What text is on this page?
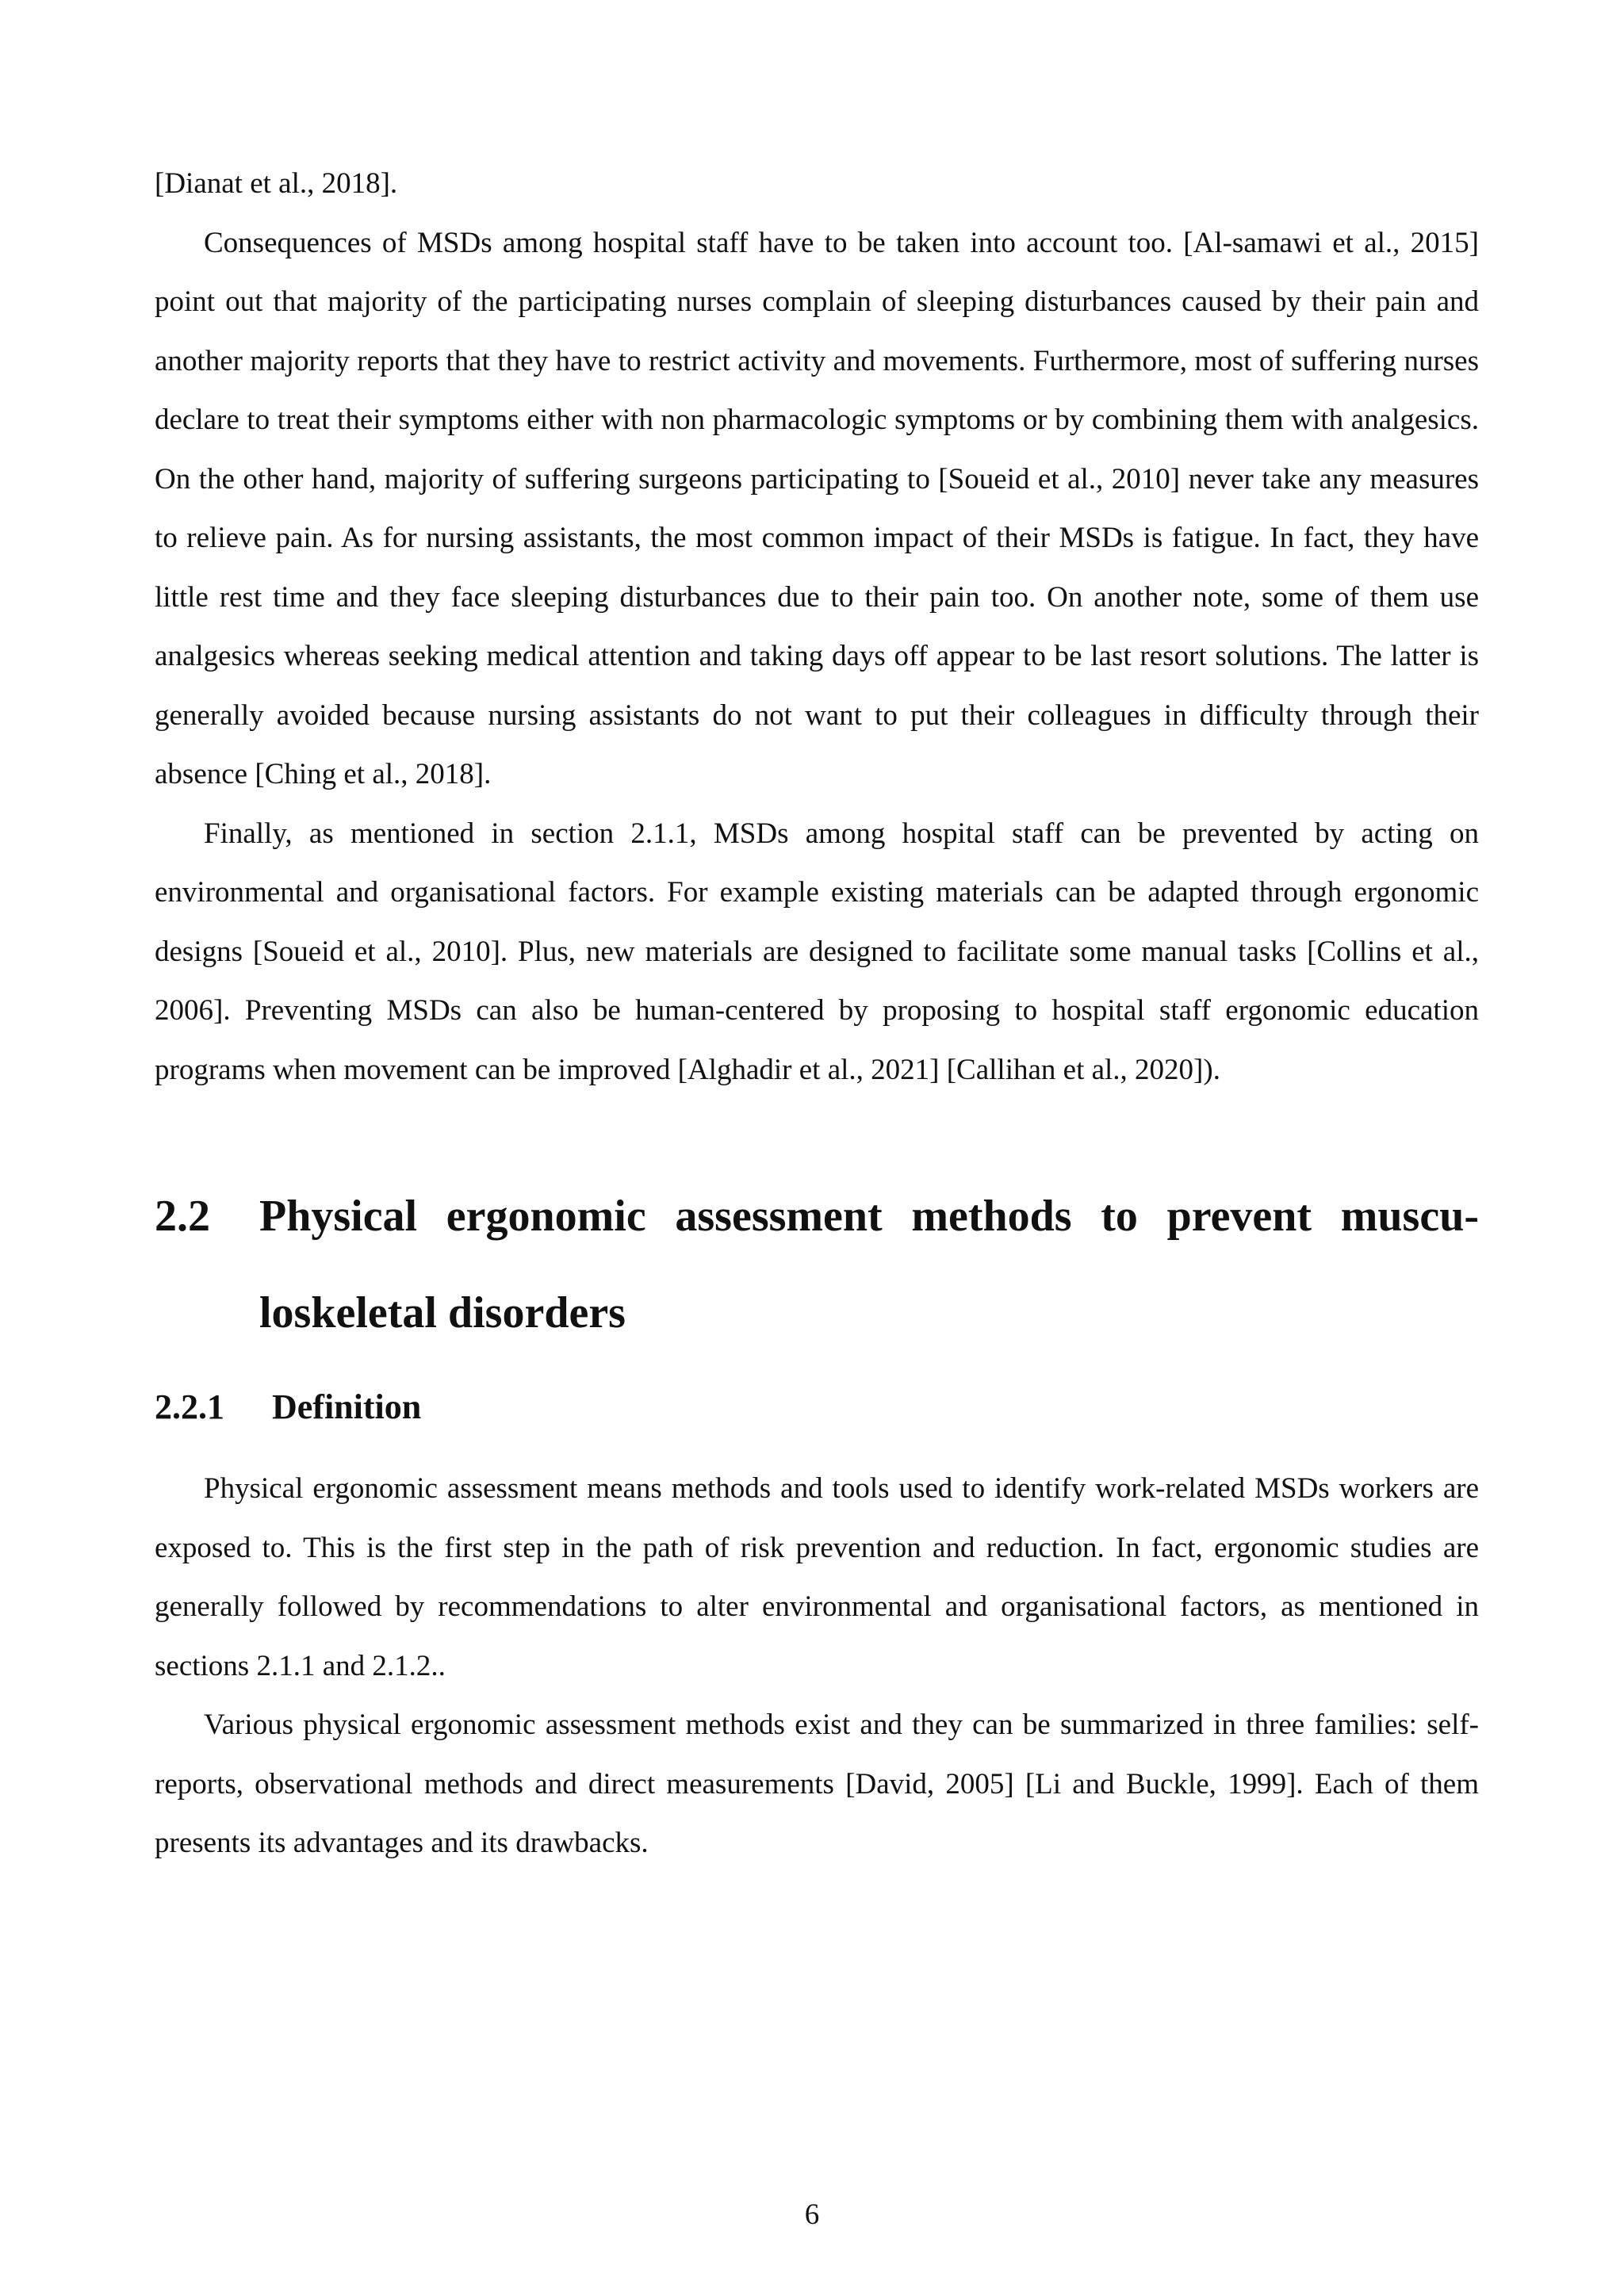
[Dianat et al., 2018].

Consequences of MSDs among hospital staff have to be taken into account too. [Al-samawi et al., 2015] point out that majority of the participating nurses complain of sleeping disturbances caused by their pain and another majority reports that they have to restrict activity and movements. Furthermore, most of suffering nurses declare to treat their symptoms either with non pharmacologic symptoms or by combining them with analgesics. On the other hand, majority of suffering surgeons participating to [Soueid et al., 2010] never take any measures to relieve pain. As for nursing assistants, the most common impact of their MSDs is fatigue. In fact, they have little rest time and they face sleeping disturbances due to their pain too. On another note, some of them use analgesics whereas seeking medical attention and taking days off appear to be last resort solutions. The latter is generally avoided because nursing assistants do not want to put their colleagues in difficulty through their absence [Ching et al., 2018].

Finally, as mentioned in section 2.1.1, MSDs among hospital staff can be prevented by acting on environmental and organisational factors. For example existing materials can be adapted through ergonomic designs [Soueid et al., 2010]. Plus, new materials are designed to facilitate some manual tasks [Collins et al., 2006]. Preventing MSDs can also be human-centered by proposing to hospital staff ergonomic education programs when movement can be improved [Alghadir et al., 2021] [Callihan et al., 2020]).

2.2	Physical ergonomic assessment methods to prevent musculoskeletal disorders
2.2.1	Definition

Physical ergonomic assessment means methods and tools used to identify work-related MSDs workers are exposed to. This is the first step in the path of risk prevention and reduction. In fact, ergonomic studies are generally followed by recommendations to alter environmental and organisational factors, as mentioned in sections 2.1.1 and 2.1.2..

Various physical ergonomic assessment methods exist and they can be summarized in three families: self-reports, observational methods and direct measurements [David, 2005] [Li and Buckle, 1999]. Each of them presents its advantages and its drawbacks.

6
